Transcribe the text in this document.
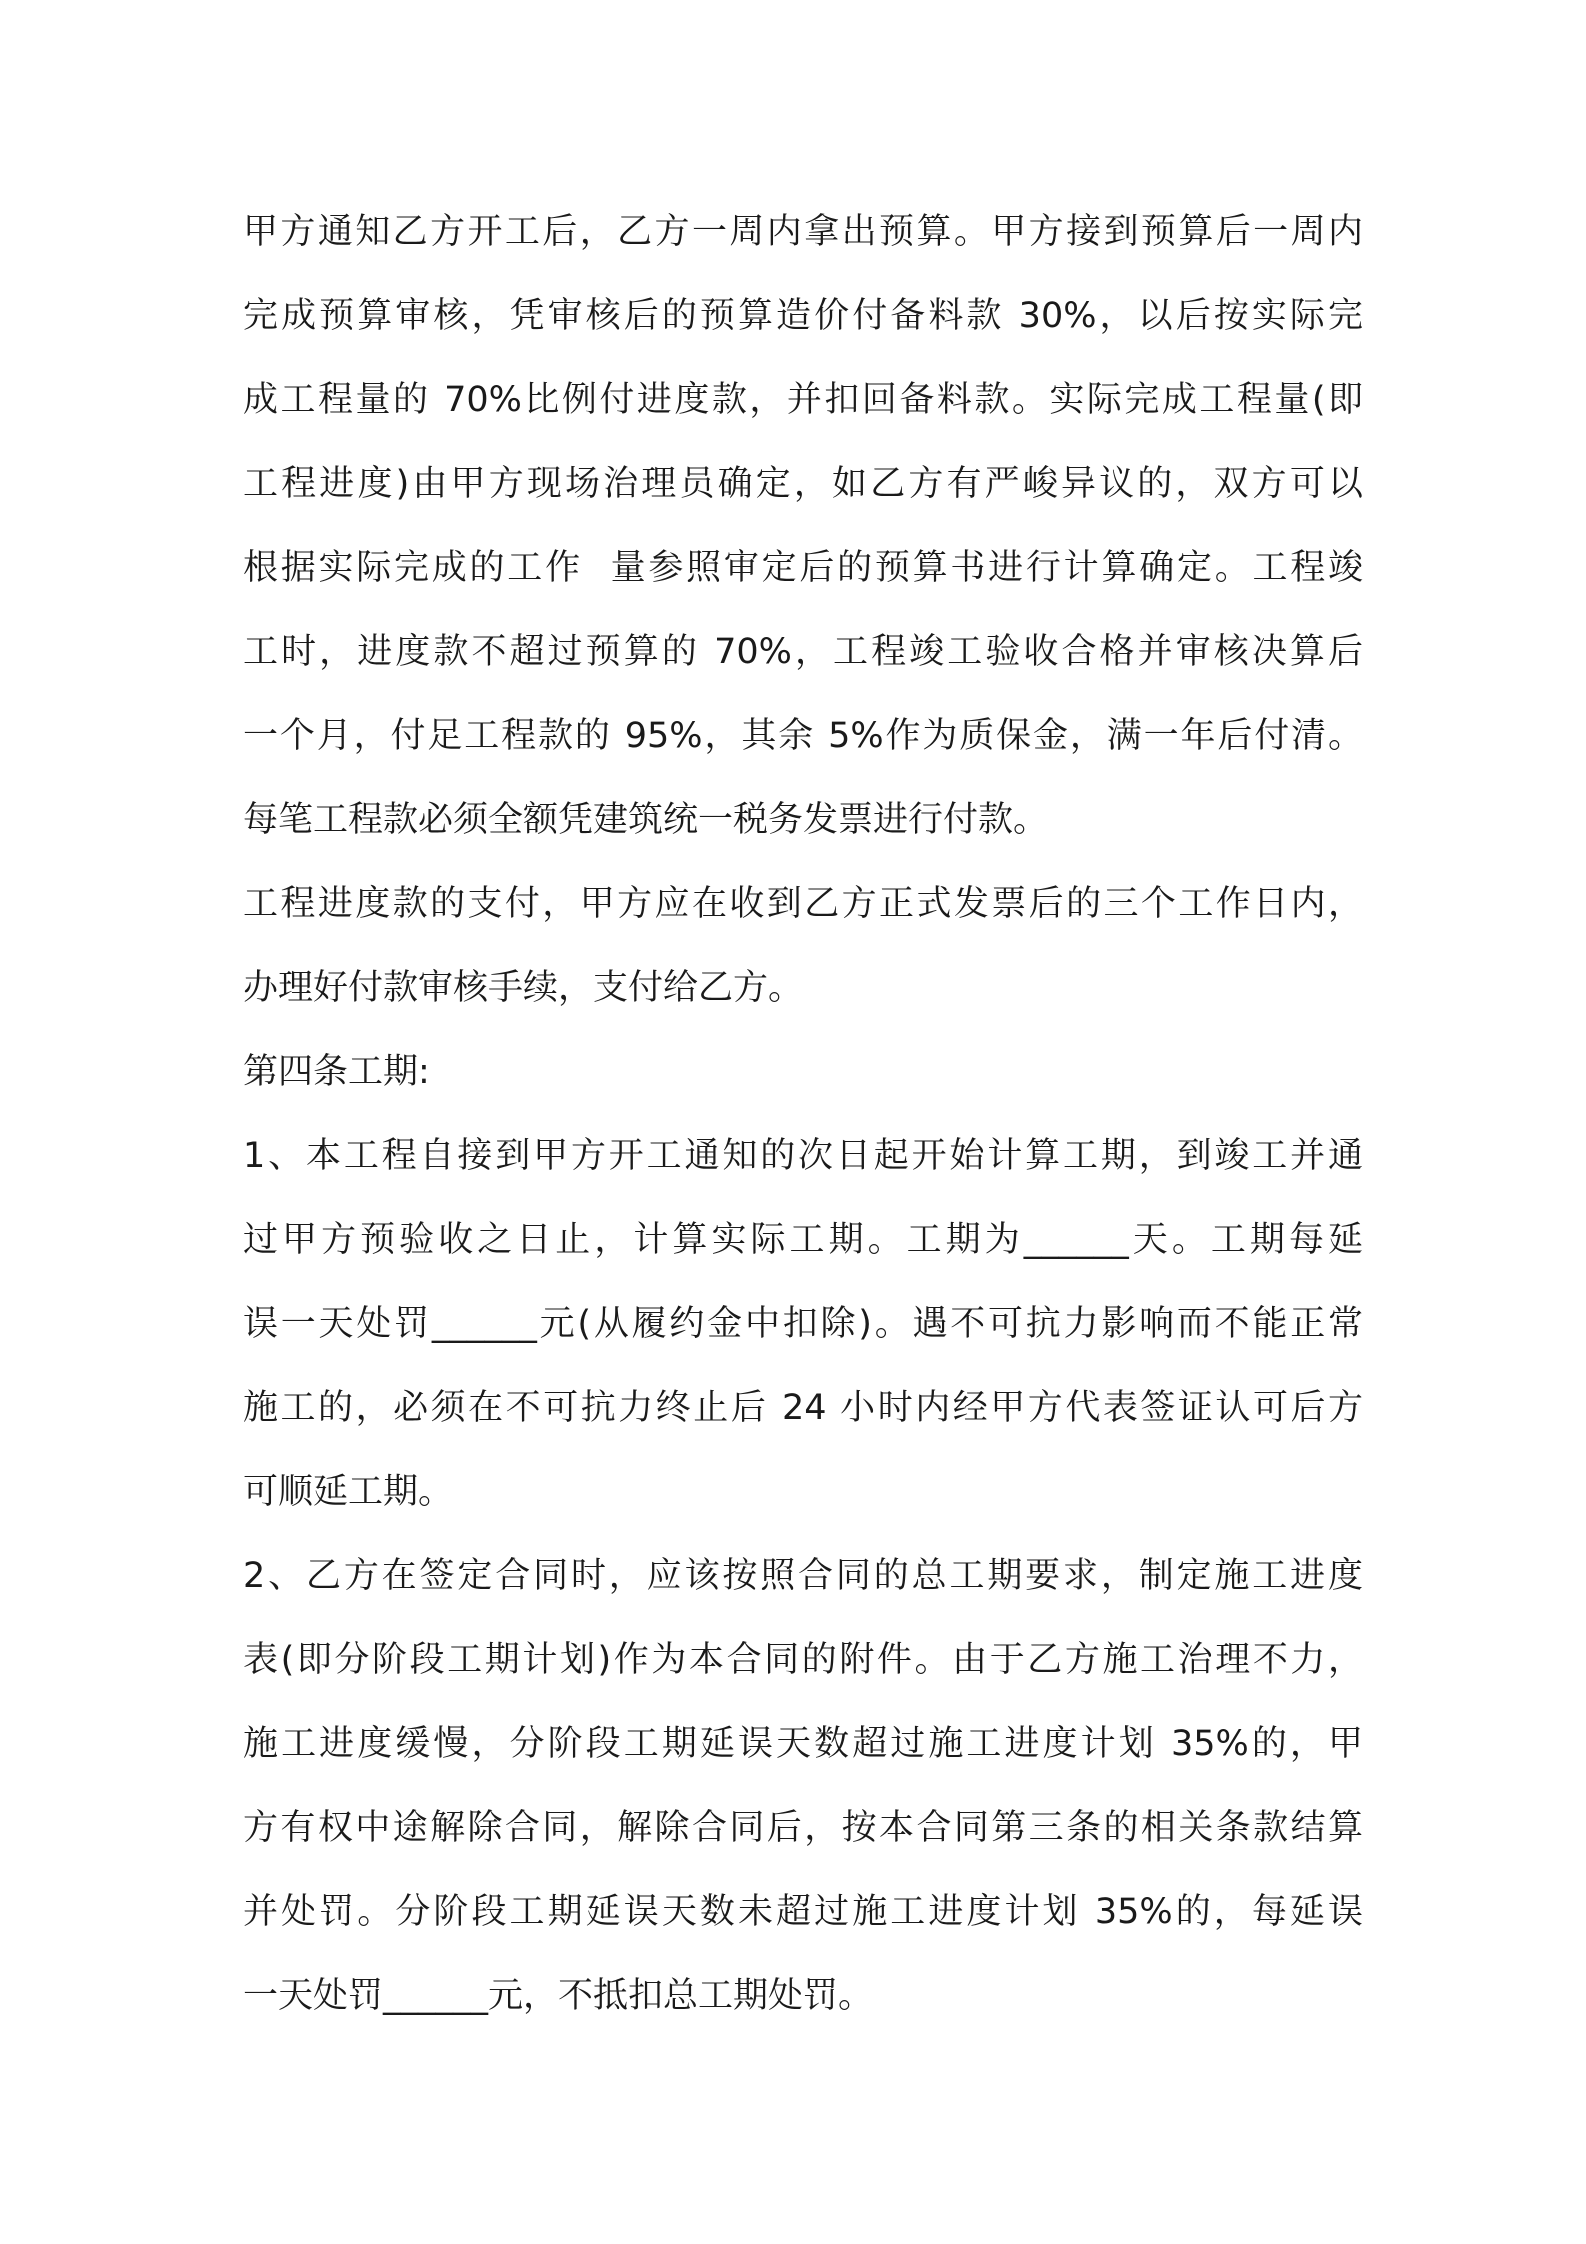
甲方通知乙方开工后，乙方一周内拿出预算。甲方接到预算后一周内
完成预算审核，凭审核后的预算造价付备料款 30%，以后按实际完
成工程量的 70%比例付进度款，并扣回备料款。实际完成工程量(即
工程进度)由甲方现场治理员确定，如乙方有严峻异议的，双方可以
根据实际完成的工作  量参照审定后的预算书进行计算确定。工程竣
工时，进度款不超过预算的 70%，工程竣工验收合格并审核决算后
一个月，付足工程款的 95%，其余 5%作为质保金，满一年后付清。
每笔工程款必须全额凭建筑统一税务发票进行付款。
工程进度款的支付，甲方应在收到乙方正式发票后的三个工作日内，
办理好付款审核手续，支付给乙方。
第四条工期:
1、本工程自接到甲方开工通知的次日起开始计算工期，到竣工并通
过甲方预验收之日止，计算实际工期。工期为______天。工期每延
误一天处罚______元(从履约金中扣除)。遇不可抗力影响而不能正常
施工的，必须在不可抗力终止后 24 小时内经甲方代表签证认可后方
可顺延工期。
2、乙方在签定合同时，应该按照合同的总工期要求，制定施工进度
表(即分阶段工期计划)作为本合同的附件。由于乙方施工治理不力，
施工进度缓慢，分阶段工期延误天数超过施工进度计划 35%的，甲
方有权中途解除合同，解除合同后，按本合同第三条的相关条款结算
并处罚。分阶段工期延误天数未超过施工进度计划 35%的，每延误
一天处罚______元，不抵扣总工期处罚。
